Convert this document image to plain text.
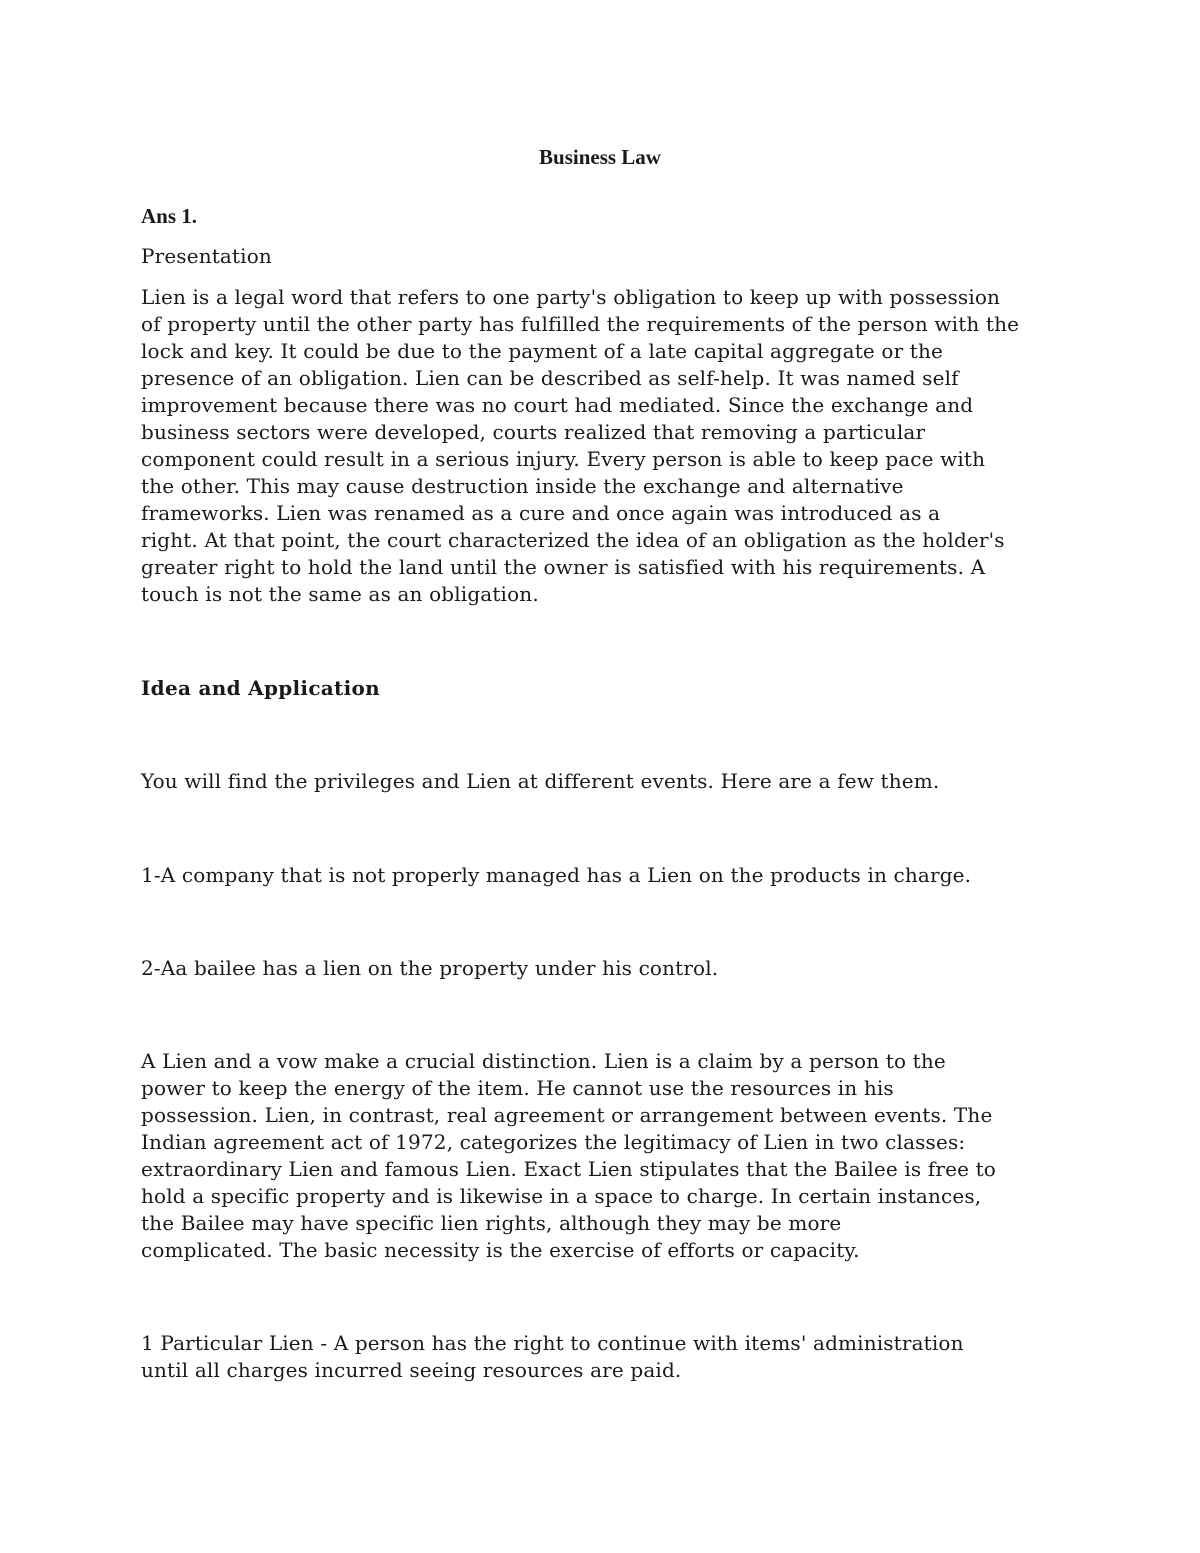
Business Law
Ans 1.
Presentation
Lien is a legal word that refers to one party's obligation to keep up with possession
of property until the other party has fulfilled the requirements of the person with the
lock and key. It could be due to the payment of a late capital aggregate or the
presence of an obligation. Lien can be described as self-help. It was named self
improvement because there was no court had mediated. Since the exchange and
business sectors were developed, courts realized that removing a particular
component could result in a serious injury. Every person is able to keep pace with
the other. This may cause destruction inside the exchange and alternative
frameworks. Lien was renamed as a cure and once again was introduced as a
right. At that point, the court characterized the idea of an obligation as the holder's
greater right to hold the land until the owner is satisfied with his requirements. A
touch is not the same as an obligation.
Idea and Application
You will find the privileges and Lien at different events. Here are a few them.
1-A company that is not properly managed has a Lien on the products in charge.
2-Aa bailee has a lien on the property under his control.
A Lien and a vow make a crucial distinction. Lien is a claim by a person to the
power to keep the energy of the item. He cannot use the resources in his
possession. Lien, in contrast, real agreement or arrangement between events. The
Indian agreement act of 1972, categorizes the legitimacy of Lien in two classes:
extraordinary Lien and famous Lien. Exact Lien stipulates that the Bailee is free to
hold a specific property and is likewise in a space to charge. In certain instances,
the Bailee may have specific lien rights, although they may be more
complicated. The basic necessity is the exercise of efforts or capacity.
1 Particular Lien - A person has the right to continue with items' administration
until all charges incurred seeing resources are paid.
